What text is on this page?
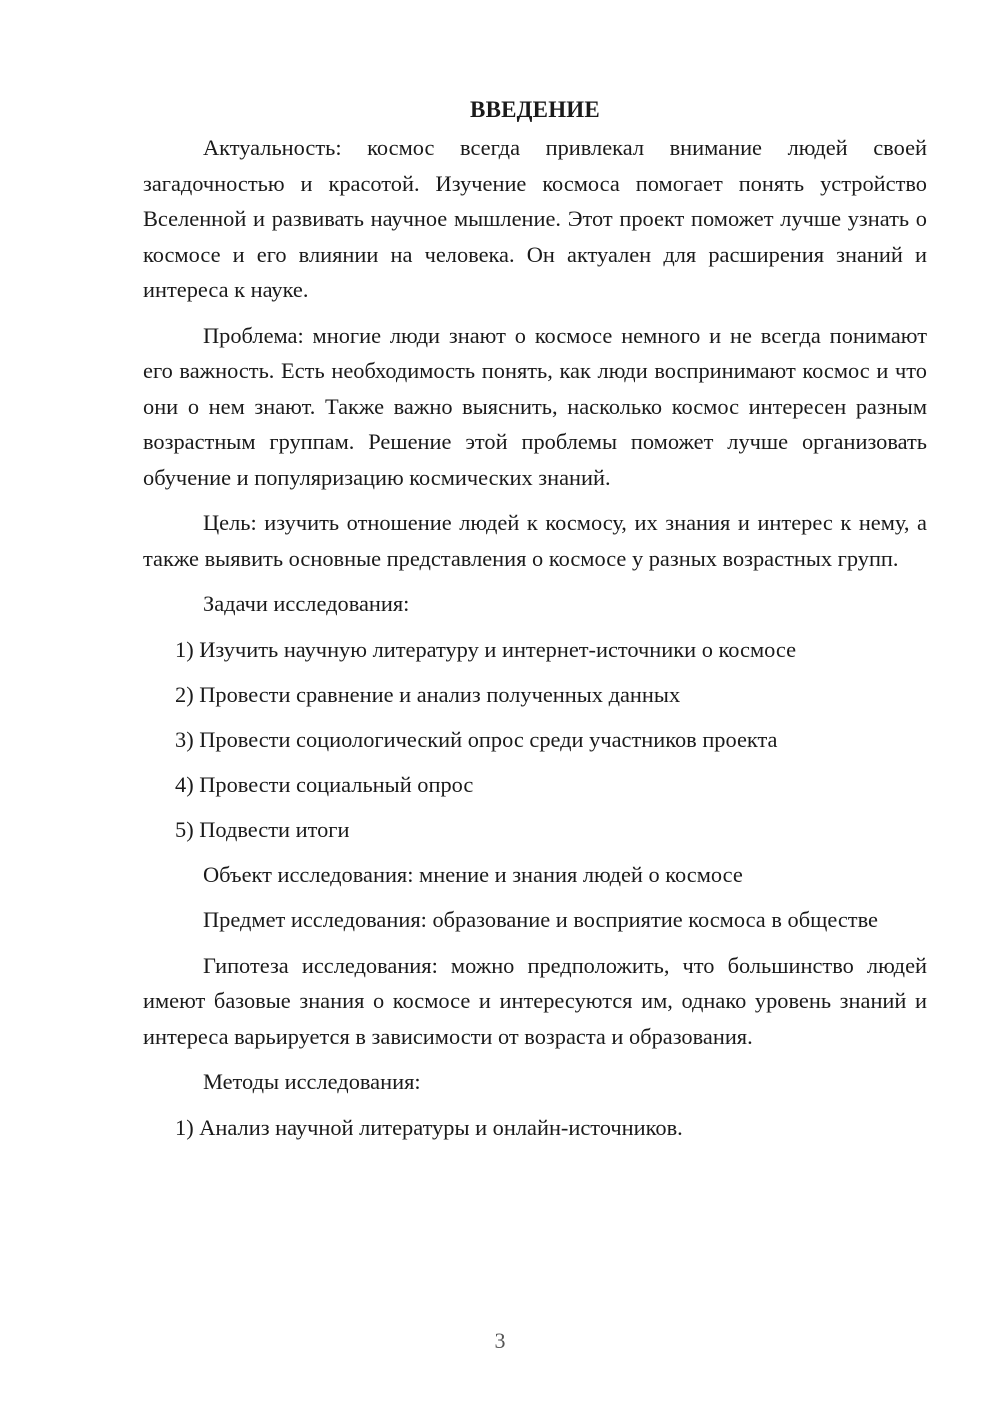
ВВЕДЕНИЕ

Актуальность: космос всегда привлекал внимание людей своей загадочностью и красотой. Изучение космоса помогает понять устройство Вселенной и развивать научное мышление. Этот проект поможет лучше узнать о космосе и его влиянии на человека. Он актуален для расширения знаний и интереса к науке.

Проблема: многие люди знают о космосе немного и не всегда понимают его важность. Есть необходимость понять, как люди воспринимают космос и что они о нем знают. Также важно выяснить, насколько космос интересен разным возрастным группам. Решение этой проблемы поможет лучше организовать обучение и популяризацию космических знаний.

Цель: изучить отношение людей к космосу, их знания и интерес к нему, а также выявить основные представления о космосе у разных возрастных групп.

Задачи исследования:

1) Изучить научную литературу и интернет-источники о космосе
2) Провести сравнение и анализ полученных данных
3) Провести социологический опрос среди участников проекта
4) Провести социальный опрос
5) Подвести итоги

Объект исследования: мнение и знания людей о космосе

Предмет исследования: образование и восприятие космоса в обществе

Гипотеза исследования: можно предположить, что большинство людей имеют базовые знания о космосе и интересуются им, однако уровень знаний и интереса варьируется в зависимости от возраста и образования.

Методы исследования:

1) Анализ научной литературы и онлайн-источников.
3
